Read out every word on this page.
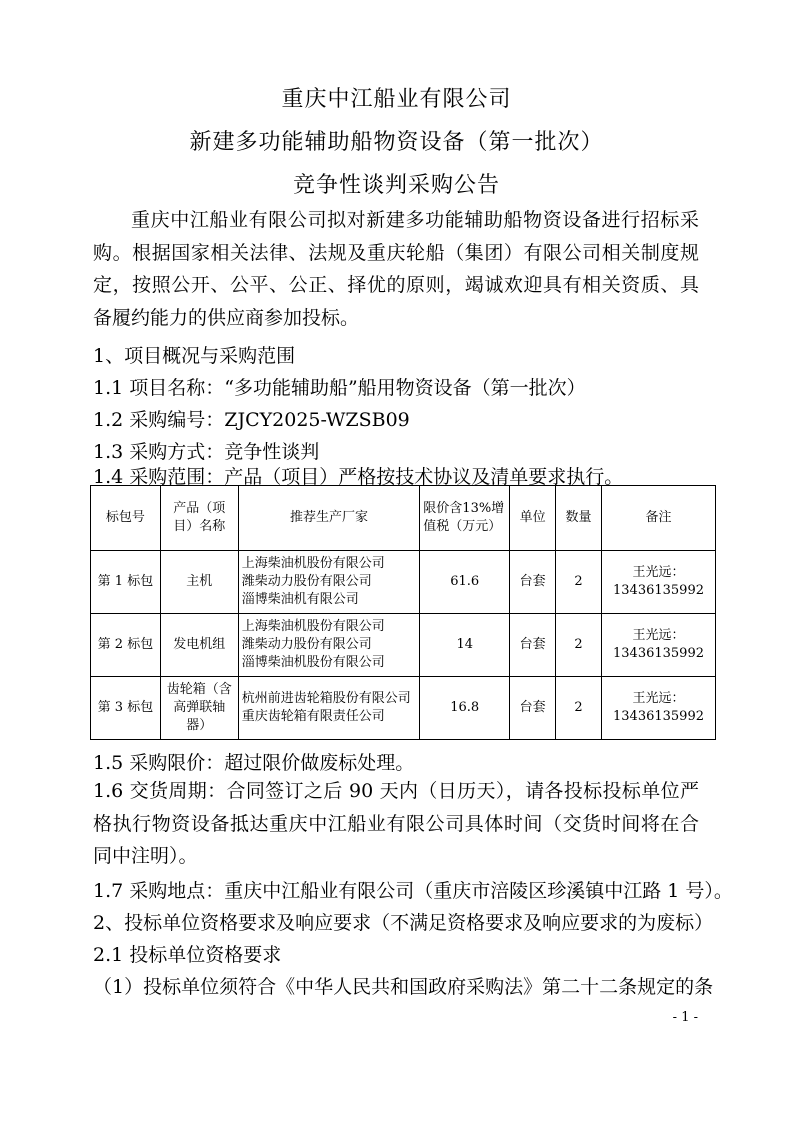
重庆中江船业有限公司
新建多功能辅助船物资设备（第一批次）
竞争性谈判采购公告
重庆中江船业有限公司拟对新建多功能辅助船物资设备进行招标采购。根据国家相关法律、法规及重庆轮船（集团）有限公司相关制度规定，按照公开、公平、公正、择优的原则，竭诚欢迎具有相关资质、具备履约能力的供应商参加投标。
1、项目概况与采购范围
1.1 项目名称：“多功能辅助船”船用物资设备（第一批次）
1.2 采购编号：ZJCY2025-WZSB09
1.3 采购方式：竞争性谈判
1.4 采购范围：产品（项目）严格按技术协议及清单要求执行。
标包号	产品（项目）名称	推荐生产厂家	限价含13%增值税（万元）	单位	数量	备注
第 1 标包	主机	上海柴油机股份有限公司
潍柴动力股份有限公司
淄博柴油机有限公司	61.6	台套	2	王光远：13436135992
第 2 标包	发电机组	上海柴油机股份有限公司
潍柴动力股份有限公司
淄博柴油机股份有限公司	14	台套	2	王光远：13436135992
第 3 标包	齿轮箱（含高弹联轴器）	杭州前进齿轮箱股份有限公司
重庆齿轮箱有限责任公司	16.8	台套	2	王光远：13436135992
1.5 采购限价：超过限价做废标处理。
1.6 交货周期：合同签订之后 90 天内（日历天），请各投标投标单位严格执行物资设备抵达重庆中江船业有限公司具体时间（交货时间将在合同中注明）。
1.7 采购地点：重庆中江船业有限公司（重庆市涪陵区珍溪镇中江路 1 号）。
2、投标单位资格要求及响应要求（不满足资格要求及响应要求的为废标）
2.1 投标单位资格要求
（1）投标单位须符合《中华人民共和国政府采购法》第二十二条规定的条
- 1 -
